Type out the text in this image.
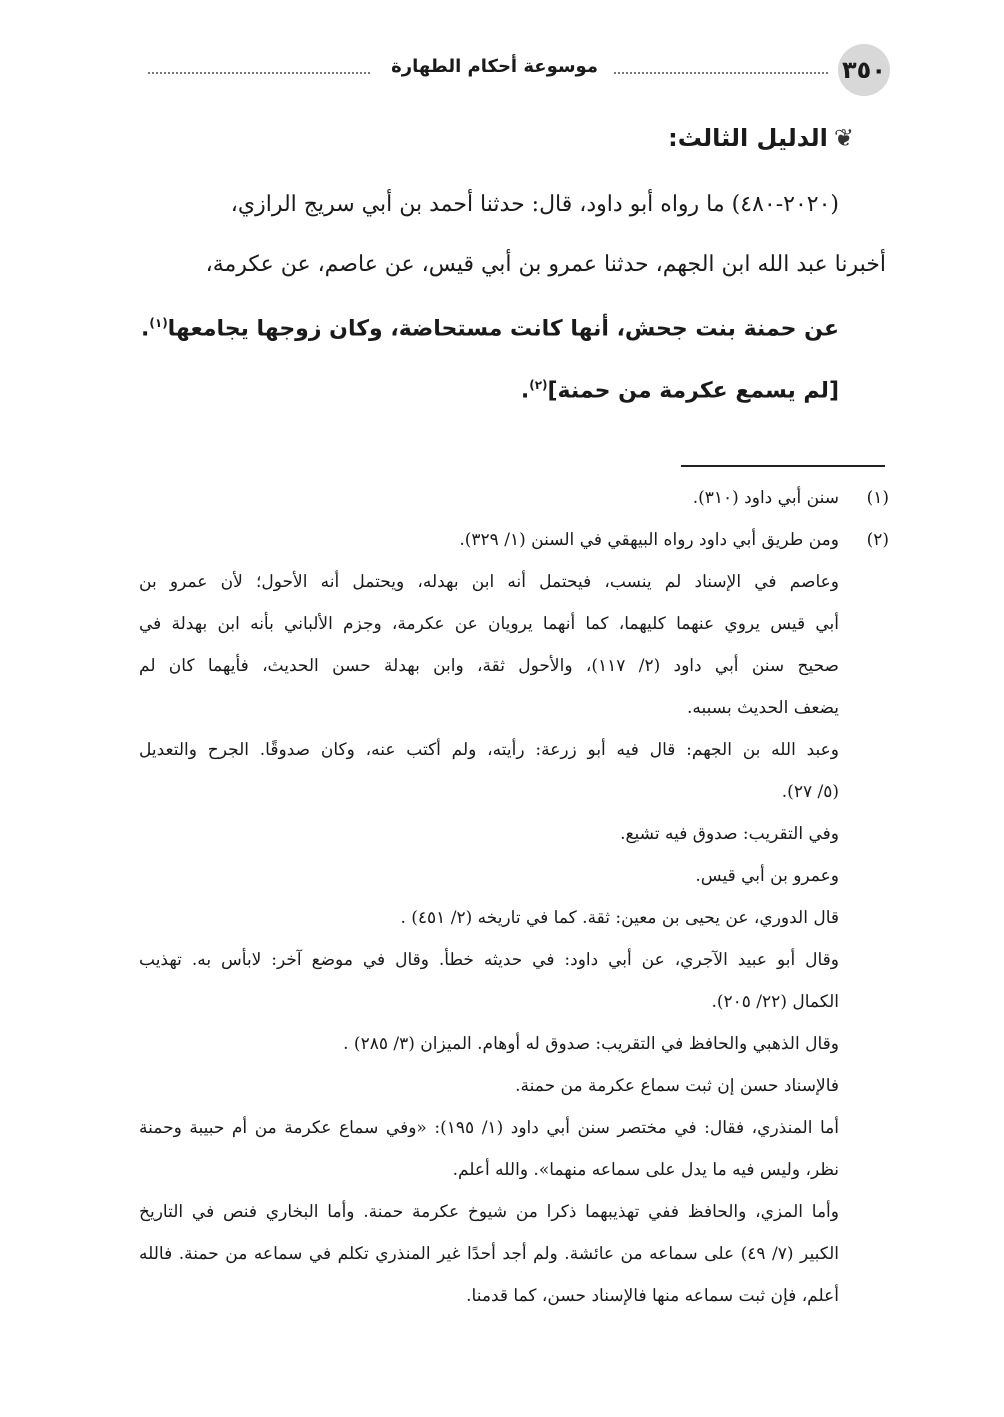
٣٥٠
موسوعة أحكام الطهارة
❦الدليل الثالث:
(٢٠٢٠-٤٨٠) ما رواه أبو داود، قال: حدثنا أحمد بن أبي سريج الرازي،
أخبرنا عبد الله ابن الجهم، حدثنا عمرو بن أبي قيس، عن عاصم، عن عكرمة،
عن حمنة بنت جحش، أنها كانت مستحاضة، وكان زوجها يجامعها$^{(١)}$.
[لم يسمع عكرمة من حمنة]$^{(٢)}$.
(١)
سنن أبي داود (٣١٠).
(٢)
ومن طريق أبي داود رواه البيهقي في السنن (١/ ٣٢٩).
وعاصم في الإسناد لم ينسب، فيحتمل أنه ابن بهدله، ويحتمل أنه الأحول؛ لأن عمرو بن
أبي قيس يروي عنهما كليهما، كما أنهما يرويان عن عكرمة، وجزم الألباني بأنه ابن بهدلة في
صحيح سنن أبي داود (٢/ ١١٧)، والأحول ثقة، وابن بهدلة حسن الحديث، فأيهما كان لم
يضعف الحديث بسببه.
وعبد الله بن الجهم: قال فيه أبو زرعة: رأيته، ولم أكتب عنه، وكان صدوقًا. الجرح والتعديل
(٥/ ٢٧).
وفي التقريب: صدوق فيه تشيع.
وعمرو بن أبي قيس.
قال الدوري، عن يحيى بن معين: ثقة. كما في تاريخه (٢/ ٤٥١) .
وقال أبو عبيد الآجري، عن أبي داود: في حديثه خطأ. وقال في موضع آخر: لابأس به. تهذيب
الكمال (٢٢/ ٢٠٥).
وقال الذهبي والحافظ في التقريب: صدوق له أوهام. الميزان (٣/ ٢٨٥) .
فالإسناد حسن إن ثبت سماع عكرمة من حمنة.
أما المنذري، فقال: في مختصر سنن أبي داود (١/ ١٩٥): «وفي سماع عكرمة من أم حبيبة وحمنة
نظر، وليس فيه ما يدل على سماعه منهما». والله أعلم.
وأما المزي، والحافظ ففي تهذيبهما ذكرا من شيوخ عكرمة حمنة. وأما البخاري فنص في التاريخ
الكبير (٧/ ٤٩) على سماعه من عائشة. ولم أجد أحدًا غير المنذري تكلم في سماعه من حمنة. فالله
أعلم، فإن ثبت سماعه منها فالإسناد حسن، كما قدمنا.
